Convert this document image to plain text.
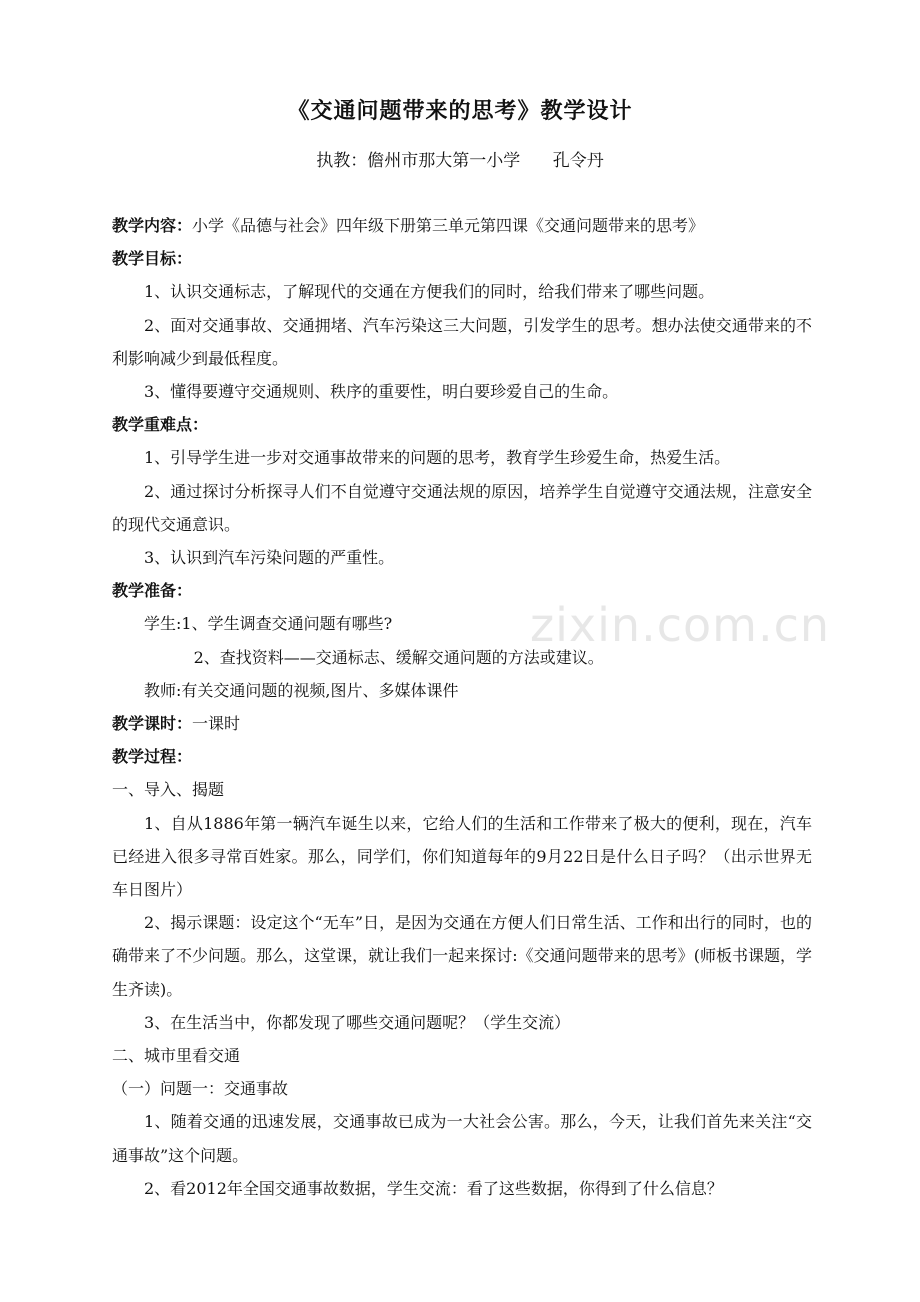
《交通问题带来的思考》教学设计
执教：儋州市那大第一小学      孔令丹

教学内容：小学《品德与社会》四年级下册第三单元第四课《交通问题带来的思考》

教学目标：

1、认识交通标志，了解现代的交通在方便我们的同时，给我们带来了哪些问题。

2、面对交通事故、交通拥堵、汽车污染这三大问题，引发学生的思考。想办法使交通带来的不利影响减少到最低程度。

3、懂得要遵守交通规则、秩序的重要性，明白要珍爱自己的生命。

教学重难点：

1、引导学生进一步对交通事故带来的问题的思考，教育学生珍爱生命，热爱生活。

2、通过探讨分析探寻人们不自觉遵守交通法规的原因，培养学生自觉遵守交通法规，注意安全的现代交通意识。

3、认识到汽车污染问题的严重性。

教学准备：

学生:1、学生调查交通问题有哪些?

2、查找资料——交通标志、缓解交通问题的方法或建议。

教师:有关交通问题的视频,图片、多媒体课件

教学课时：一课时

教学过程：

一、导入、揭题

1、自从1886年第一辆汽车诞生以来，它给人们的生活和工作带来了极大的便利，现在，汽车已经进入很多寻常百姓家。那么，同学们，你们知道每年的9月22日是什么日子吗？（出示世界无车日图片）

2、揭示课题：设定这个“无车”日，是因为交通在方便人们日常生活、工作和出行的同时，也的确带来了不少问题。那么，这堂课，就让我们一起来探讨:《交通问题带来的思考》(师板书课题，学生齐读)。

3、在生活当中，你都发现了哪些交通问题呢？（学生交流）

二、城市里看交通

（一）问题一：交通事故

1、随着交通的迅速发展，交通事故已成为一大社会公害。那么，今天，让我们首先来关注“交通事故”这个问题。

2、看2012年全国交通事故数据，学生交流：看了这些数据，你得到了什么信息？

zixin.com.cn
